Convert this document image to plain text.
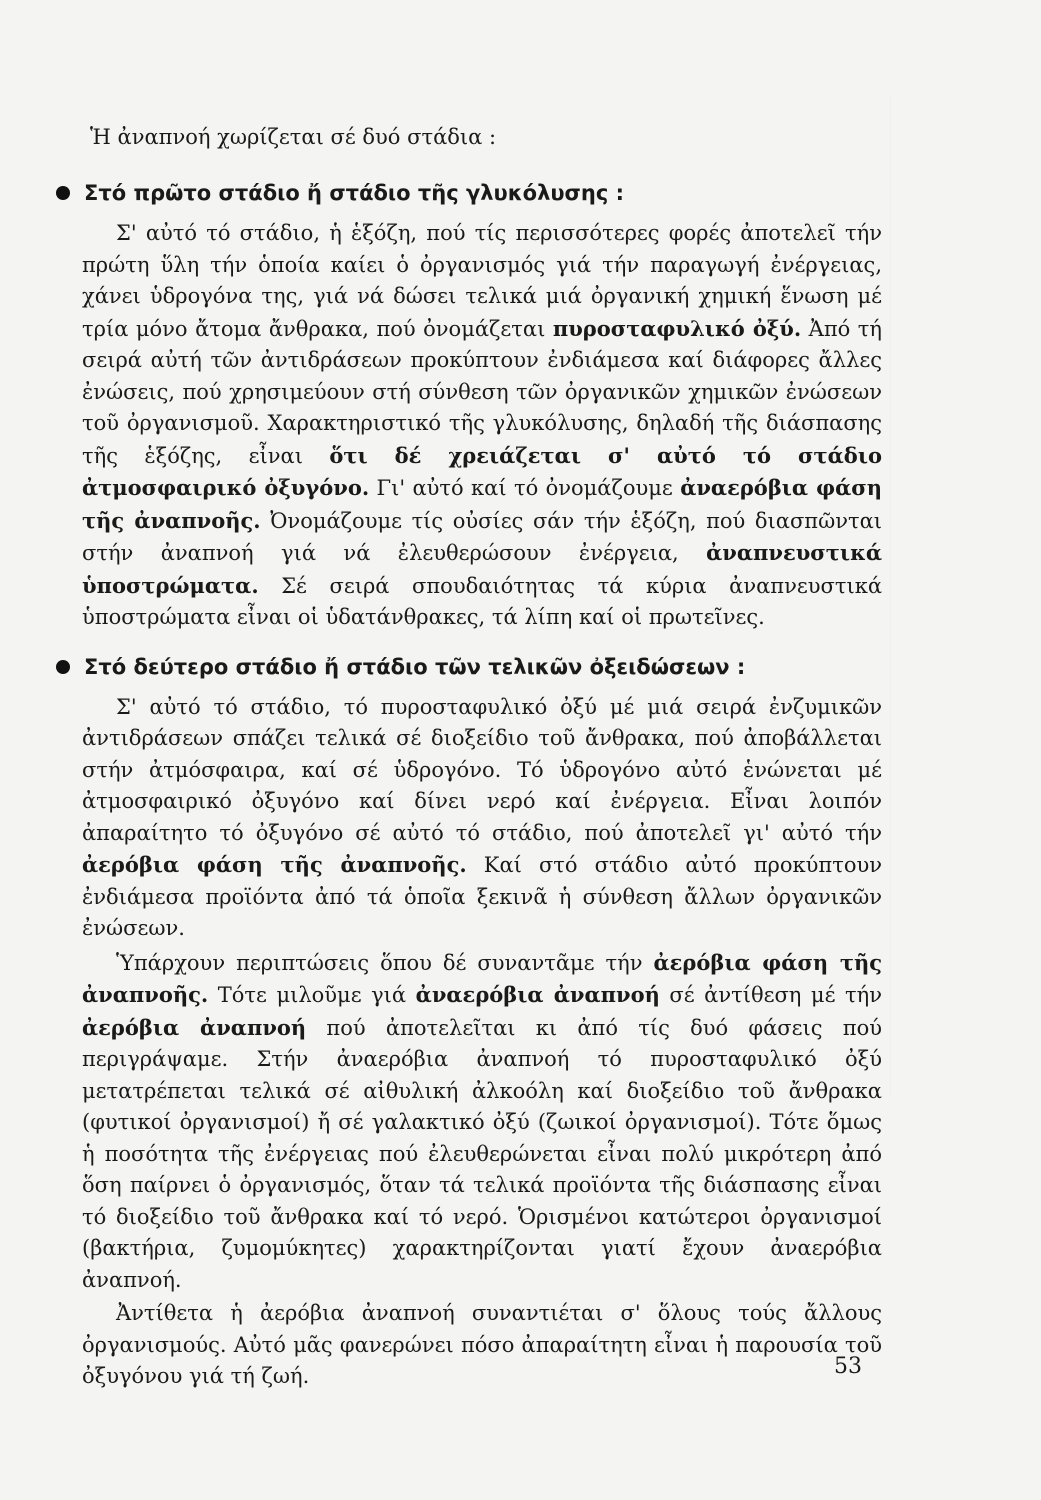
Ἡ ἀναπνοή χωρίζεται σέ δυό στάδια :
Στό πρῶτο στάδιο ἤ στάδιο τῆς γλυκόλυσης :

Σ' αὐτό τό στάδιο, ἡ ἑξόζη, πού τίς περισσότερες φορές ἀποτελεῖ τήν πρώτη ὕλη τήν ὁποία καίει ὁ ὀργανισμός γιά τήν παραγωγή ἐνέργειας, χάνει ὑδρογόνα της, γιά νά δώσει τελικά μιά ὀργανική χημική ἕνωση μέ τρία μόνο ἄτομα ἄνθρακα, πού ὀνομάζεται πυροσταφυλικό ὀξύ. Ἀπό τή σειρά αὐτή τῶν ἀντιδράσεων προκύπτουν ἐνδιάμεσα καί διάφορες ἄλλες ἐνώσεις, πού χρησιμεύουν στή σύνθεση τῶν ὀργανικῶν χημικῶν ἐνώσεων τοῦ ὀργανισμοῦ. Χαρακτηριστικό τῆς γλυκόλυσης, δηλαδή τῆς διάσπασης τῆς ἑξόζης, εἶναι ὅτι δέ χρειάζεται σ' αὐτό τό στάδιο ἀτμοσφαιρικό ὀξυγόνο. Γι' αὐτό καί τό ὀνομάζουμε ἀναερόβια φάση τῆς ἀναπνοῆς. Ὀνομάζουμε τίς οὐσίες σάν τήν ἑξόζη, πού διασπῶνται στήν ἀναπνοή γιά νά ἐλευθερώσουν ἐνέργεια, ἀναπνευστικά ὑποστρώματα. Σέ σειρά σπουδαιότητας τά κύρια ἀναπνευστικά ὑποστρώματα εἶναι οἱ ὑδατάνθρακες, τά λίπη καί οἱ πρωτεῖνες.

Στό δεύτερο στάδιο ἤ στάδιο τῶν τελικῶν ὀξειδώσεων :

Σ' αὐτό τό στάδιο, τό πυροσταφυλικό ὀξύ μέ μιά σειρά ἐνζυμικῶν ἀντιδράσεων σπάζει τελικά σέ διοξείδιο τοῦ ἄνθρακα, πού ἀποβάλλεται στήν ἀτμόσφαιρα, καί σέ ὑδρογόνο. Τό ὑδρογόνο αὐτό ἑνώνεται μέ ἀτμοσφαιρικό ὀξυγόνο καί δίνει νερό καί ἐνέργεια. Εἶναι λοιπόν ἀπαραίτητο τό ὀξυγόνο σέ αὐτό τό στάδιο, πού ἀποτελεῖ γι' αὐτό τήν ἀερόβια φάση τῆς ἀναπνοῆς. Καί στό στάδιο αὐτό προκύπτουν ἐνδιάμεσα προϊόντα ἀπό τά ὁποῖα ξεκινᾶ ἡ σύνθεση ἄλλων ὀργανικῶν ἐνώσεων.

Ὑπάρχουν περιπτώσεις ὅπου δέ συναντᾶμε τήν ἀερόβια φάση τῆς ἀναπνοῆς. Τότε μιλοῦμε γιά ἀναερόβια ἀναπνοή σέ ἀντίθεση μέ τήν ἀερόβια ἀναπνοή πού ἀποτελεῖται κι ἀπό τίς δυό φάσεις πού περιγράψαμε. Στήν ἀναερόβια ἀναπνοή τό πυροσταφυλικό ὀξύ μετατρέπεται τελικά σέ αἰθυλική ἀλκοόλη καί διοξείδιο τοῦ ἄνθρακα (φυτικοί ὀργανισμοί) ἤ σέ γαλακτικό ὀξύ (ζωικοί ὀργανισμοί). Τότε ὅμως ἡ ποσότητα τῆς ἐνέργειας πού ἐλευθερώνεται εἶναι πολύ μικρότερη ἀπό ὅση παίρνει ὁ ὀργανισμός, ὅταν τά τελικά προϊόντα τῆς διάσπασης εἶναι τό διοξείδιο τοῦ ἄνθρακα καί τό νερό. Ὁρισμένοι κατώτεροι ὀργανισμοί (βακτήρια, ζυμομύκητες) χαρακτηρίζονται γιατί ἔχουν ἀναερόβια ἀναπνοή.

Ἀντίθετα ἡ ἀερόβια ἀναπνοή συναντιέται σ' ὅλους τούς ἄλλους ὀργανισμούς. Αὐτό μᾶς φανερώνει πόσο ἀπαραίτητη εἶναι ἡ παρουσία τοῦ ὀξυγόνου γιά τή ζωή.	53
